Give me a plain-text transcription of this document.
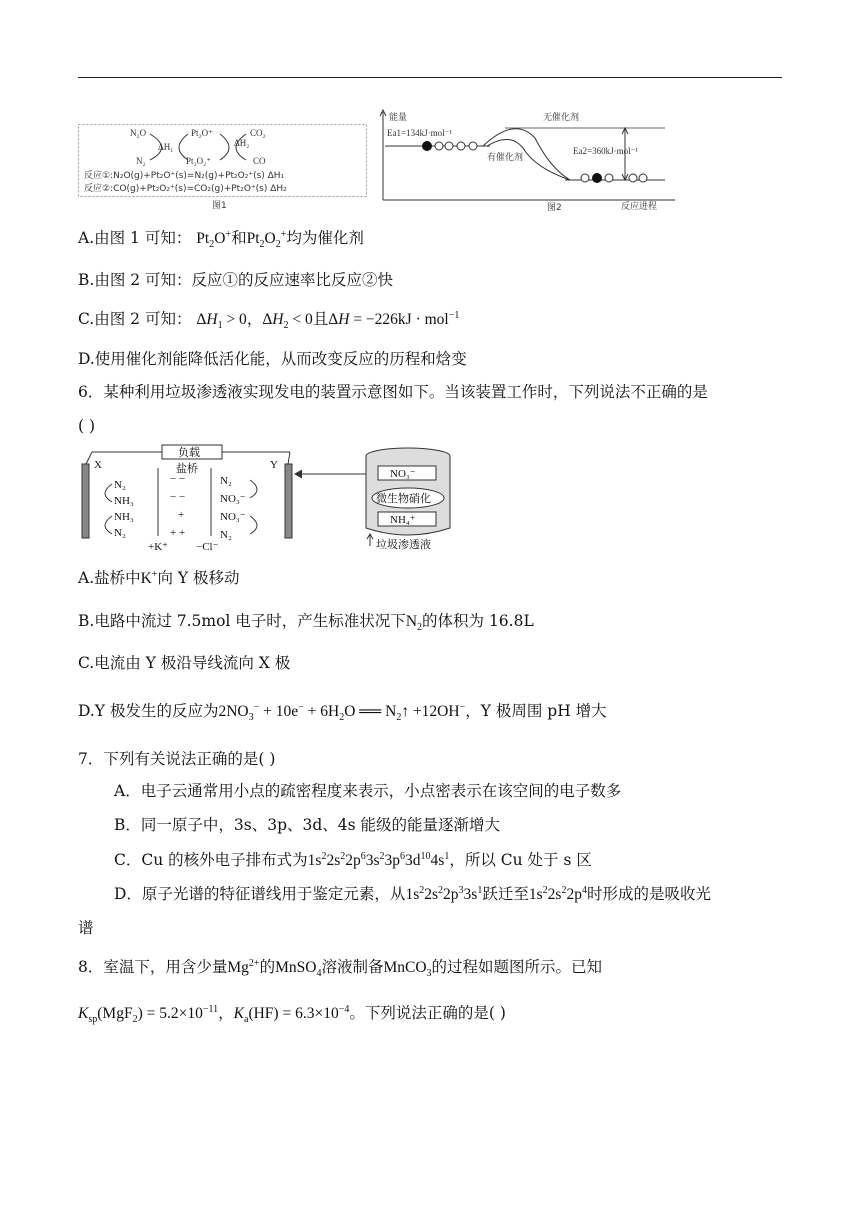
N₂O	Pt₂O⁺	CO₂
N₂	Pt₂O₂⁺	CO
ΔH₁	ΔH₂
反应①:N₂O(g)+Pt₂O⁺(s)=N₂(g)+Pt₂O₂⁺(s) ΔH₁
反应②:CO(g)+Pt₂O₂⁺(s)=CO₂(g)+Pt₂O⁺(s) ΔH₂
图1
能量
Ea1=134kJ·mol⁻¹
Ea2=360kJ·mol⁻¹
无催化剂
有催化剂
图2	反应进程
A.由图 1 可知： $Pt_2O^+$和$Pt_2O_2^+$均为催化剂
B.由图 2 可知：反应①的反应速率比反应②快
C.由图 2 可知： $\Delta H_1 > 0$，$\Delta H_2 < 0$且ΔH = −226kJ · mol$^{-1}$
D.使用催化剂能降低活化能，从而改变反应的历程和焓变
6．某种利用垃圾渗透液实现发电的装置示意图如下。当该装置工作时，下列说法不正确的是
( )
负载
盐桥
X	Y
N₂
NH₃
NH₃
N₂
− −
− −
+
+ +
+K⁺	−Cl⁻
N₂
NO₃⁻
NO₃⁻
N₂
NO₃⁻
微生物硝化
NH₄⁺
垃圾渗透液
A.盐桥中K+向 Y 极移动
B.电路中流过 7.5mol 电子时，产生标准状况下$N_2$的体积为 16.8L
C.电流由 Y 极沿导线流向 X 极
D.Y 极发生的反应为$2NO_3^- + 10e^- + 6H_2O$ ══ $N_2↑ +12OH^-$，Y 极周围 pH 增大
7．下列有关说法正确的是( )
A．电子云通常用小点的疏密程度来表示，小点密表示在该空间的电子数多
B．同一原子中，3s、3p、3d、4s 能级的能量逐渐增大
C．Cu 的核外电子排布式为$1s^22s^22p^63s^23p^63d^{10}4s^1$，所以 Cu 处于 s 区
D．原子光谱的特征谱线用于鉴定元素，从$1s^22s^22p^33s^1$跃迁至$1s^22s^22p^4$时形成的是吸收光
谱
8．室温下，用含少量$Mg^{2+}$的MnSO$_4$溶液制备MnCO$_3$的过程如题图所示。已知
$K_{sp}(MgF_2) = 5.2\times 10^{-11}$，$K_a(HF) = 6.3\times 10^{-4}$。下列说法正确的是( )
